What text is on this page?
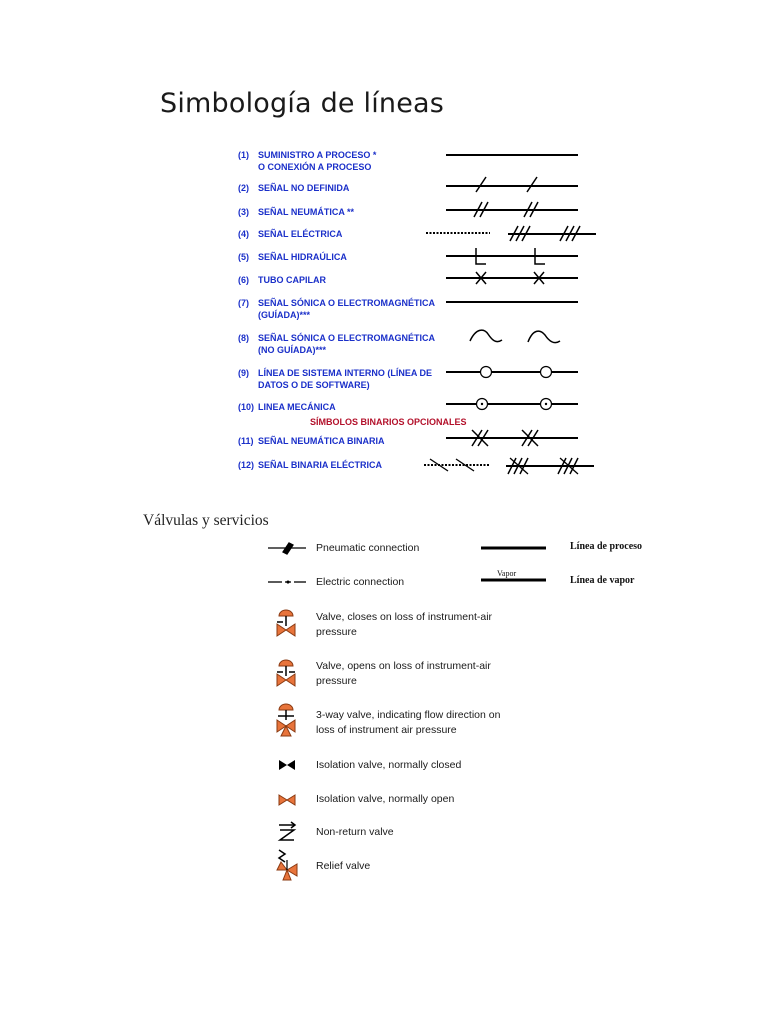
Simbología de líneas
(1) SUMINISTRO A PROCESO *
O CONEXIÓN A PROCESO
(2) SEÑAL NO DEFINIDA
(3) SEÑAL NEUMÁTICA **
(4) SEÑAL ELÉCTRICA
(5) SEÑAL HIDRAÚLICA
(6) TUBO CAPILAR
(7) SEÑAL SÓNICA O ELECTROMAGNÉTICA
(GUÍADA)***
(8) SEÑAL SÓNICA O ELECTROMAGNÉTICA
(NO GUÍADA)***
(9) LÍNEA DE SISTEMA INTERNO (LÍNEA DE
DATOS O DE SOFTWARE)
(10) LINEA MECÁNICA
SÍMBOLOS BINARIOS OPCIONALES
(11) SEÑAL NEUMÁTICA BINARIA
(12) SEÑAL BINARIA ELÉCTRICA
Válvulas y servicios
Pneumatic connection
Electric connection
Línea de proceso
Vapor
Línea de vapor
Valve, closes on loss of instrument-air
pressure
Valve, opens on loss of instrument-air
pressure
3-way valve, indicating flow direction on
loss of instrument air pressure
Isolation valve, normally closed
Isolation valve, normally open
Non-return valve
Relief valve
